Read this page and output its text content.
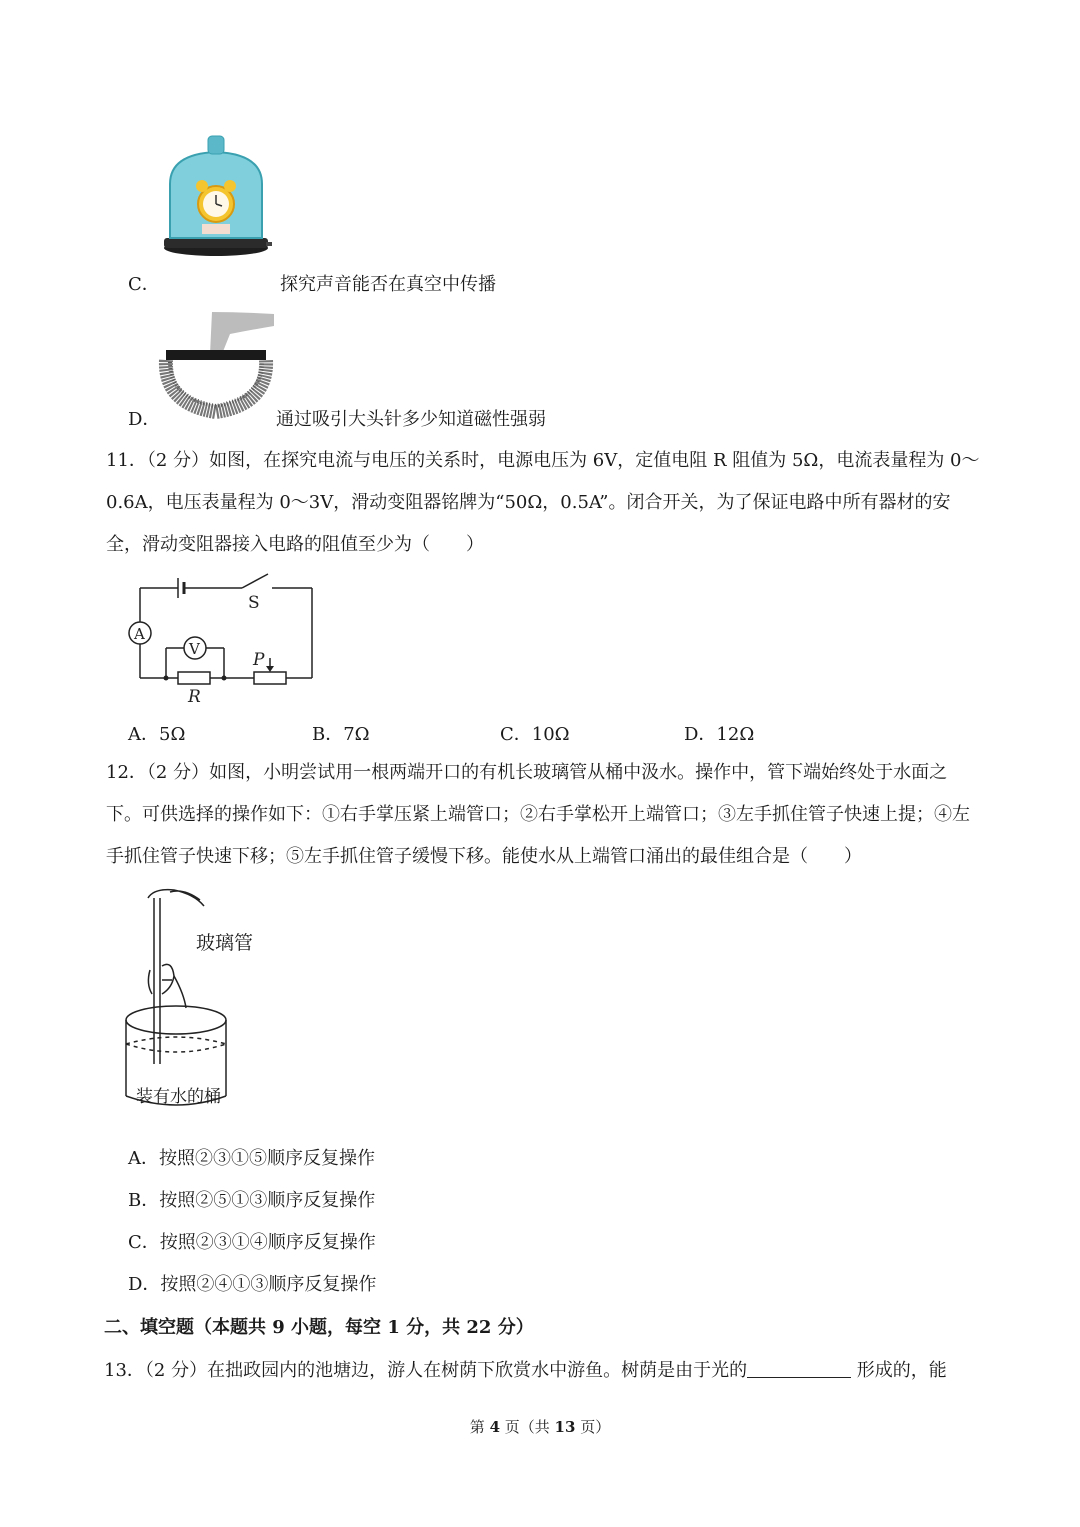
C．	探究声音能否在真空中传播
D．	通过吸引大头针多少知道磁性强弱
11．（2 分）如图，在探究电流与电压的关系时，电源电压为 6V，定值电阻 R 阻值为 5Ω，电流表量程为 0～0.6A，电压表量程为 0～3V，滑动变阻器铭牌为“50Ω，0.5A”。闭合开关，为了保证电路中所有器材的安全，滑动变阻器接入电路的阻值至少为（　　）
S
A
V
P
R
A．5Ω	B．7Ω	C．10Ω	D．12Ω
12．（2 分）如图，小明尝试用一根两端开口的有机长玻璃管从桶中汲水。操作中，管下端始终处于水面之下。可供选择的操作如下：①右手掌压紧上端管口；②右手掌松开上端管口；③左手抓住管子快速上提；④左手抓住管子快速下移；⑤左手抓住管子缓慢下移。能使水从上端管口涌出的最佳组合是（　　）
玻璃管
装有水的桶
A．按照②③①⑤顺序反复操作
B．按照②⑤①③顺序反复操作
C．按照②③①④顺序反复操作
D．按照②④①③顺序反复操作
二、填空题（本题共 9 小题，每空 1 分，共 22 分）
13．（2 分）在拙政园内的池塘边，游人在树荫下欣赏水中游鱼。树荫是由于光的	形成的，能
第 4 页（共 13 页）
